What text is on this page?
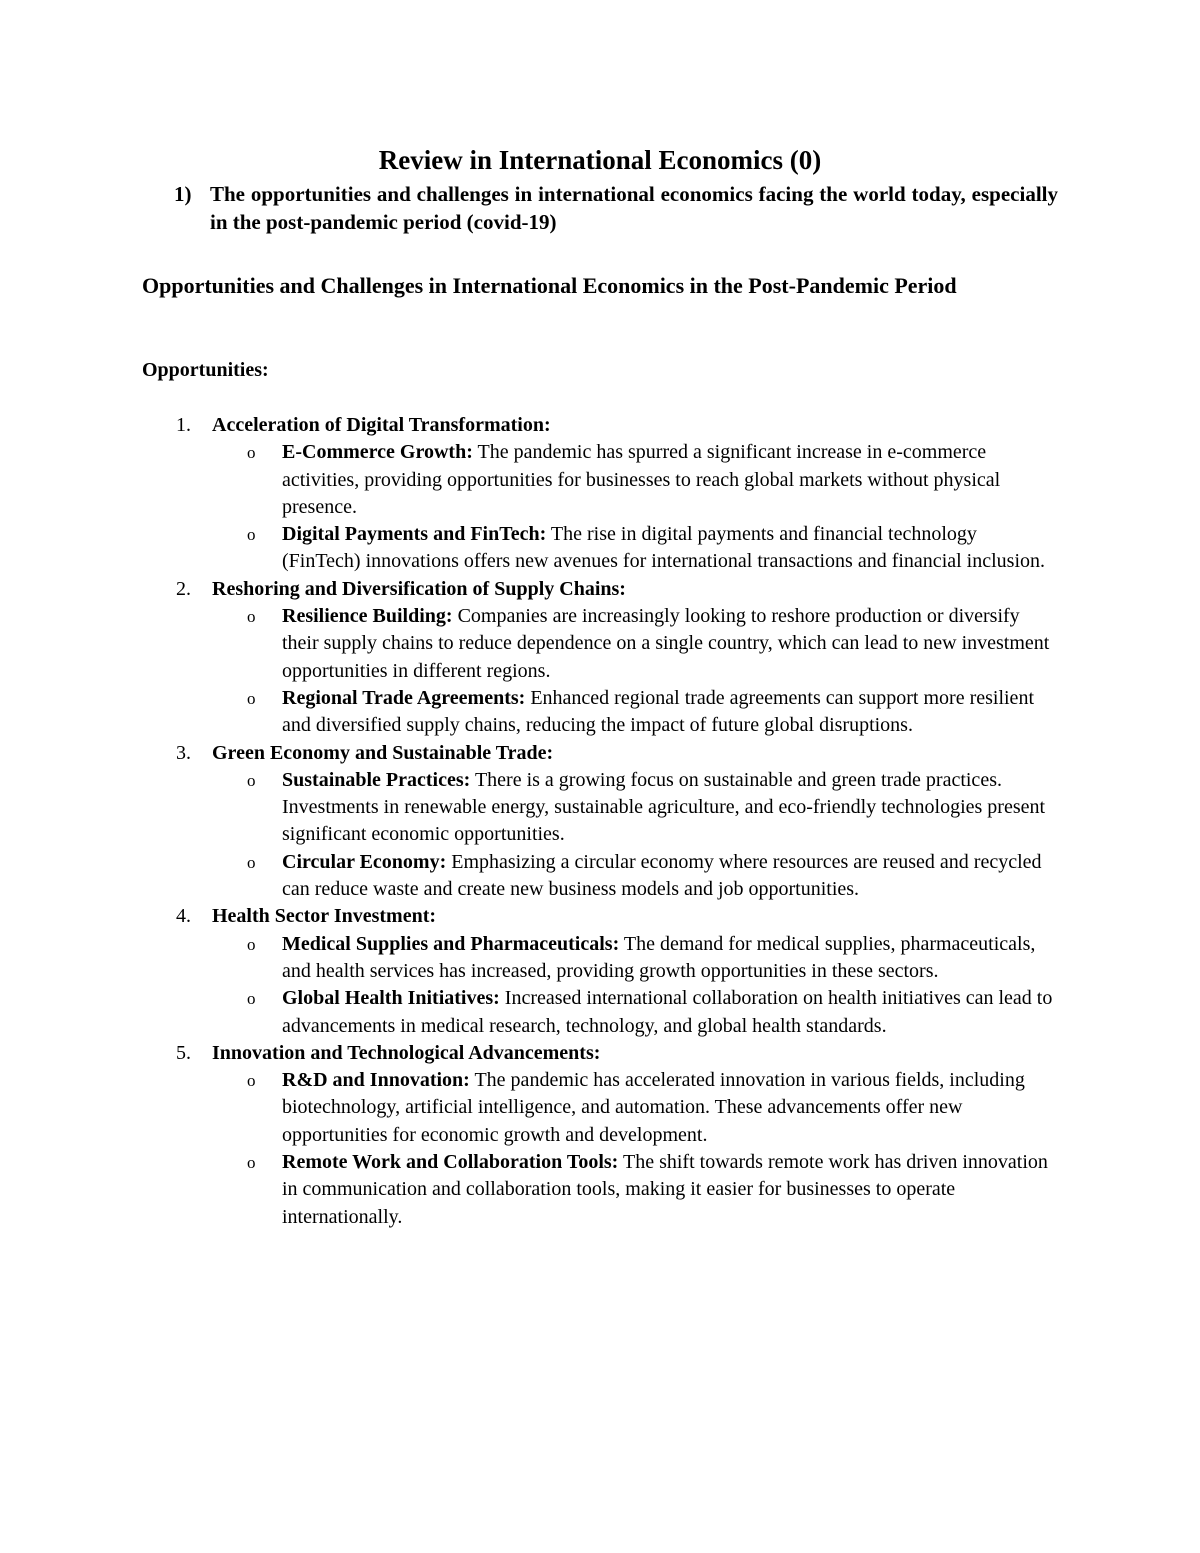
Review in International Economics (0)
1) The opportunities and challenges in international economics facing the world today, especially in the post-pandemic period (covid-19)
Opportunities and Challenges in International Economics in the Post-Pandemic Period
Opportunities:
1. Acceleration of Digital Transformation:
o E-Commerce Growth: The pandemic has spurred a significant increase in e-commerce activities, providing opportunities for businesses to reach global markets without physical presence.
o Digital Payments and FinTech: The rise in digital payments and financial technology (FinTech) innovations offers new avenues for international transactions and financial inclusion.
2. Reshoring and Diversification of Supply Chains:
o Resilience Building: Companies are increasingly looking to reshore production or diversify their supply chains to reduce dependence on a single country, which can lead to new investment opportunities in different regions.
o Regional Trade Agreements: Enhanced regional trade agreements can support more resilient and diversified supply chains, reducing the impact of future global disruptions.
3. Green Economy and Sustainable Trade:
o Sustainable Practices: There is a growing focus on sustainable and green trade practices. Investments in renewable energy, sustainable agriculture, and eco-friendly technologies present significant economic opportunities.
o Circular Economy: Emphasizing a circular economy where resources are reused and recycled can reduce waste and create new business models and job opportunities.
4. Health Sector Investment:
o Medical Supplies and Pharmaceuticals: The demand for medical supplies, pharmaceuticals, and health services has increased, providing growth opportunities in these sectors.
o Global Health Initiatives: Increased international collaboration on health initiatives can lead to advancements in medical research, technology, and global health standards.
5. Innovation and Technological Advancements:
o R&D and Innovation: The pandemic has accelerated innovation in various fields, including biotechnology, artificial intelligence, and automation. These advancements offer new opportunities for economic growth and development.
o Remote Work and Collaboration Tools: The shift towards remote work has driven innovation in communication and collaboration tools, making it easier for businesses to operate internationally.
